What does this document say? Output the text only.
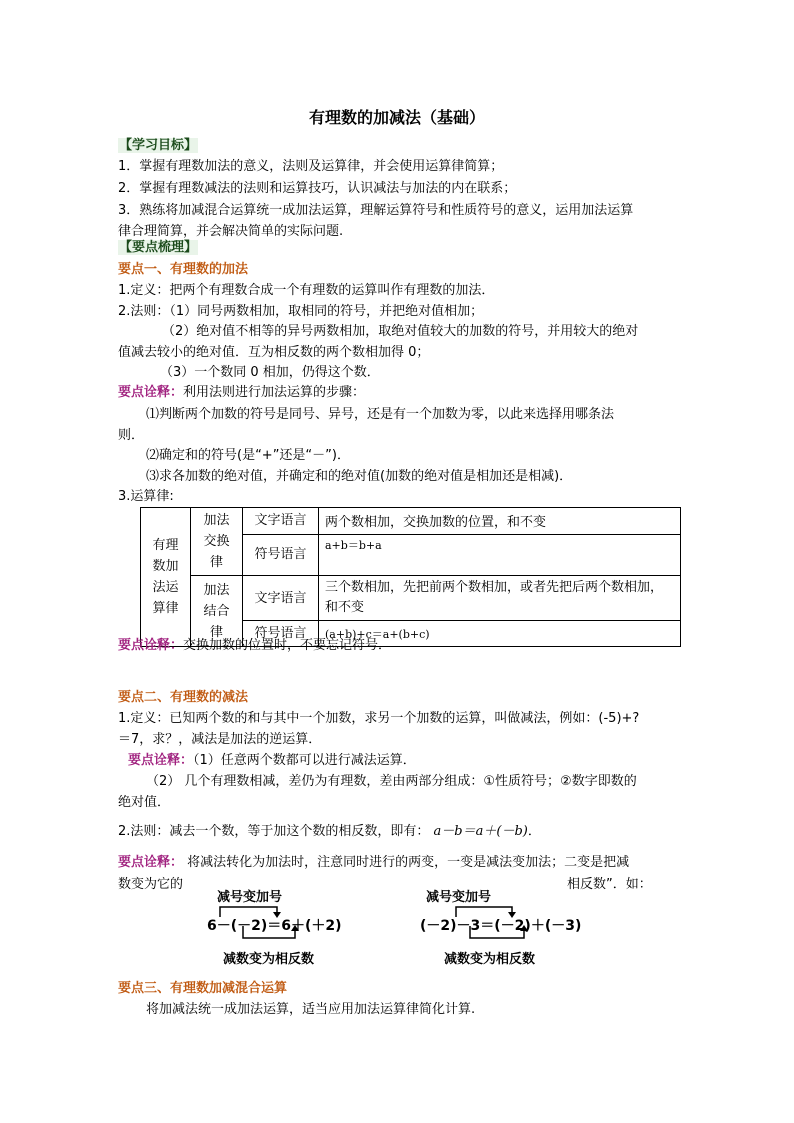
有理数的加减法（基础）
【学习目标】
1．掌握有理数加法的意义，法则及运算律，并会使用运算律简算；
2．掌握有理数减法的法则和运算技巧，认识减法与加法的内在联系；
3．熟练将加减混合运算统一成加法运算，理解运算符号和性质符号的意义，运用加法运算
律合理简算，并会解决简单的实际问题.
【要点梳理】
要点一、有理数的加法
1.定义：把两个有理数合成一个有理数的运算叫作有理数的加法．
2.法则：（1）同号两数相加，取相同的符号，并把绝对值相加；
（2）绝对值不相等的异号两数相加，取绝对值较大的加数的符号，并用较大的绝对
值减去较小的绝对值．互为相反数的两个数相加得 0；
（3）一个数同 0 相加，仍得这个数．
要点诠释：利用法则进行加法运算的步骤：
⑴判断两个加数的符号是同号、异号，还是有一个加数为零，以此来选择用哪条法
则．
⑵确定和的符号(是“+”还是“－”)．
⑶求各加数的绝对值，并确定和的绝对值(加数的绝对值是相加还是相减)．
3.运算律:
有理数加法运算律	加法交换律	文字语言	两个数相加，交换加数的位置，和不变
		符号语言	a+b＝b+a

	加法结合律	文字语言	三个数相加，先把前两个数相加，或者先把后两个数相加，和不变
		符号语言	(a+b)+c＝a+(b+c)
要点诠释：交换加数的位置时，不要忘记符号．
要点二、有理数的减法
1.定义：已知两个数的和与其中一个加数，求另一个加数的运算，叫做减法，例如：(-5)+?
＝7，求？，减法是加法的逆运算．
要点诠释：（1）任意两个数都可以进行减法运算．
（2） 几个有理数相减，差仍为有理数，差由两部分组成：①性质符号；②数字即数的
绝对值．
2.法则：减去一个数，等于加这个数的相反数，即有： a－b＝a＋(－b)．
要点诠释： 将减法转化为加法时，注意同时进行的两变，一变是减法变加法；二变是把减
数变为它的	相反数”．如：
减号变加号
6－(－2)＝6＋(＋2)
减数变为相反数
减号变加号
(－2)－3＝(－2)＋(－3)
减数变为相反数
要点三、有理数加减混合运算
将加减法统一成加法运算，适当应用加法运算律简化计算.
